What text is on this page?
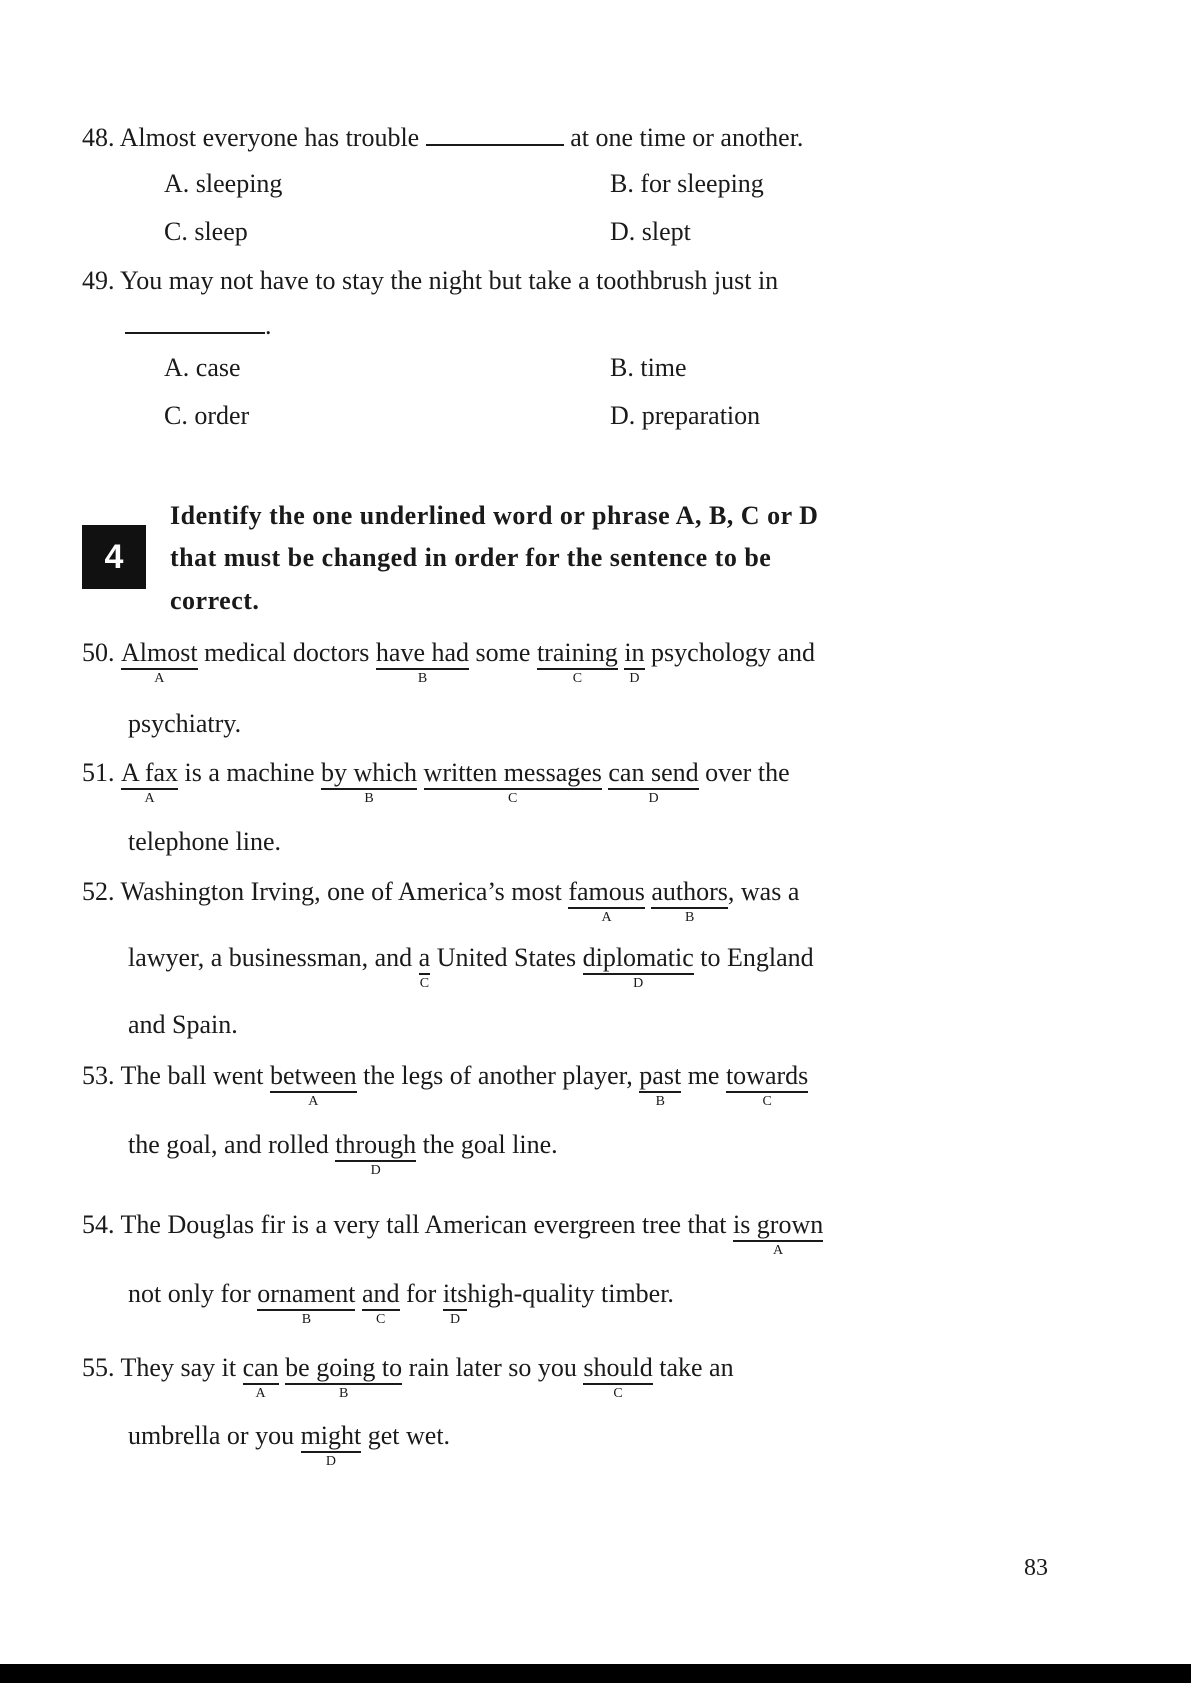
48. Almost everyone has trouble	at one time or another.
A. sleeping	B. for sleeping
C. sleep	D. slept
49. You may not have to stay the night but take a toothbrush just in
.
A. case	B. time
C. order	D. preparation
4
Identify the one underlined word or phrase A, B, C or D
that must be changed in order for the sentence to be
correct.
50. Almost
A
medical doctors have had
B
some training
C
in
D
psychology and
psychiatry.
51. A fax
A
is a machine by which
B
written messages
C
can send
D
over the
telephone line.
52. Washington Irving, one of America’s most famous
A
authors
B
, was a
lawyer, a businessman, and a
C
United States diplomatic
D
to England
and Spain.
53. The ball went between
A
the legs of another player, past
B
me towards
C
the goal, and rolled through
D
the goal line.
54. The Douglas fir is a very tall American evergreen tree that is grown
A
not only for ornament
B
and
C
for its
D
high-quality timber.
55. They say it can
A
be going to
B
rain later so you should
C
take an
umbrella or you might
D
get wet.
83
